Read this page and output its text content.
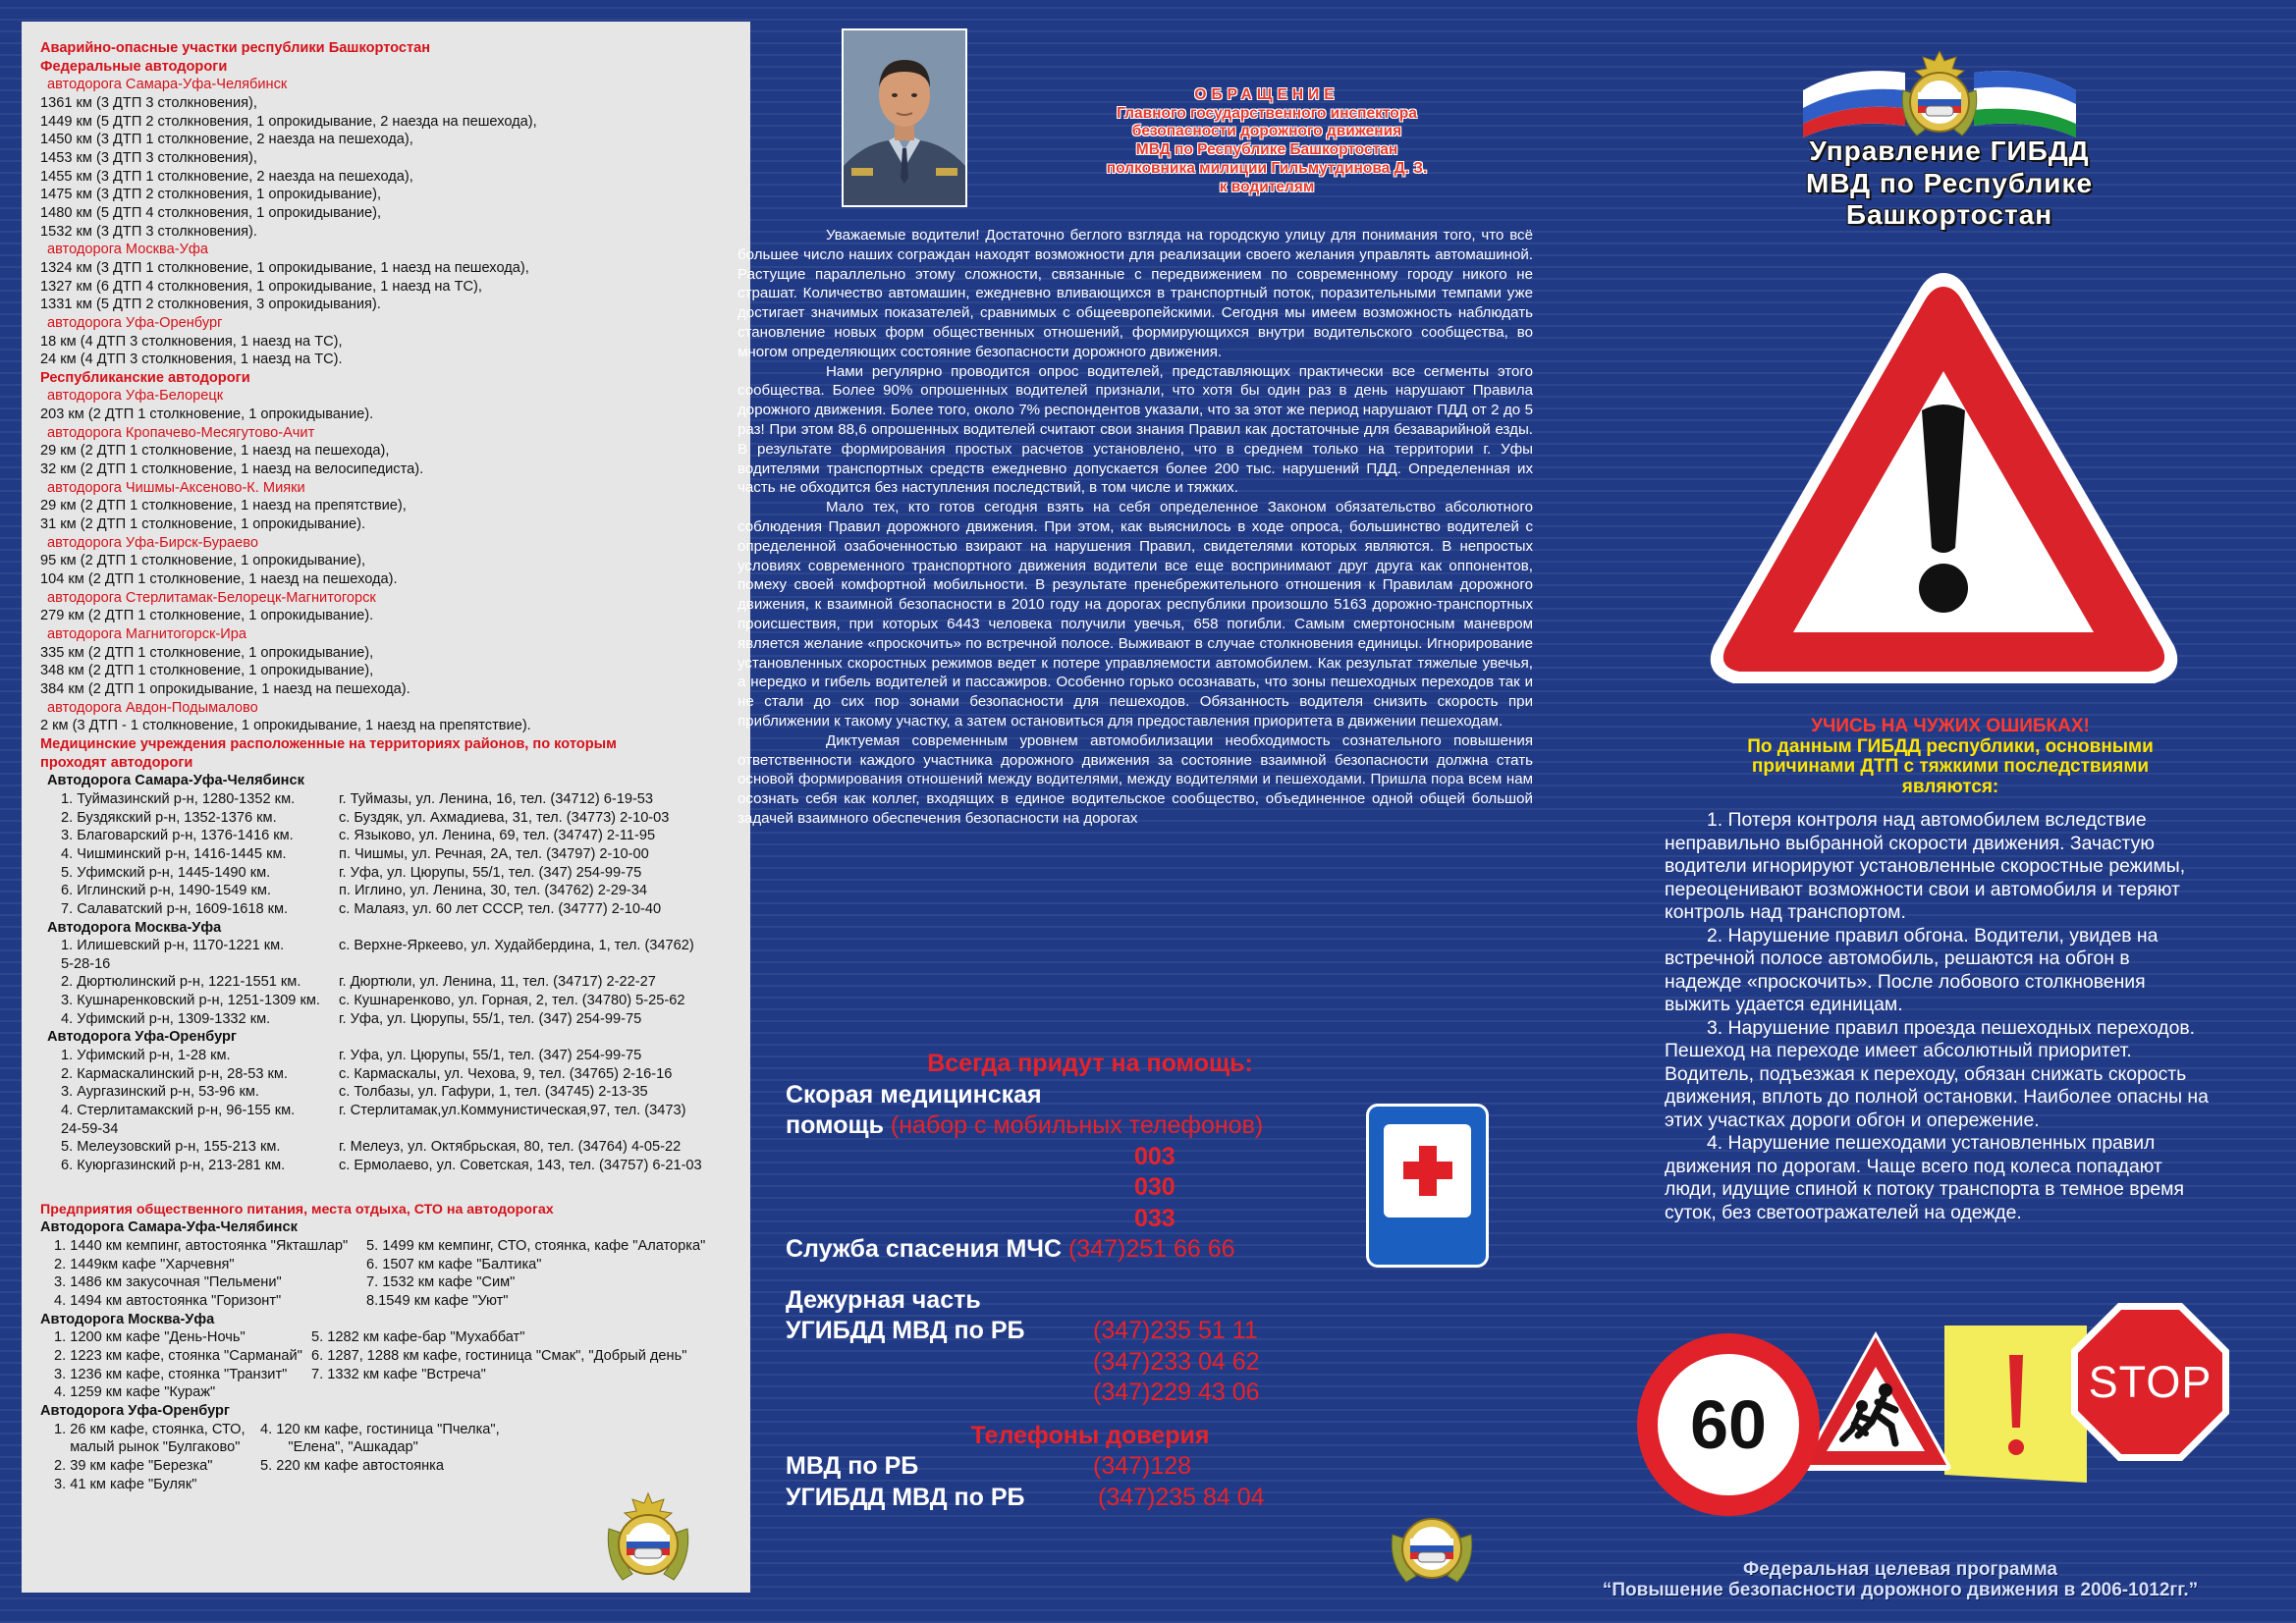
Аварийно-опасные участки республики Башкортостан
Федеральные автодороги
автодорога Самара-Уфа-Челябинск
1361 км (3 ДТП 3 столкновения),
1449 км (5 ДТП 2 столкновения, 1 опрокидывание, 2 наезда на пешехода),
1450 км (3 ДТП 1 столкновение, 2 наезда на пешехода),
1453 км (3 ДТП 3 столкновения),
1455 км (3 ДТП 1 столкновение, 2 наезда на пешехода),
1475 км (3 ДТП 2 столкновения, 1 опрокидывание),
1480 км (5 ДТП 4 столкновения, 1 опрокидывание),
1532 км (3 ДТП 3 столкновения).
автодорога Москва-Уфа
1324 км (3 ДТП 1 столкновение, 1 опрокидывание, 1 наезд на пешехода),
1327 км (6 ДТП 4 столкновения, 1 опрокидывание, 1 наезд на ТС),
1331 км (5 ДТП 2 столкновения, 3 опрокидывания).
автодорога Уфа-Оренбург
18 км (4 ДТП 3 столкновения, 1 наезд на ТС),
24 км (4 ДТП 3 столкновения, 1 наезд на ТС).
Республиканские автодороги
автодорога Уфа-Белорецк
203 км (2 ДТП 1 столкновение, 1 опрокидывание).
автодорога Кропачево-Месягутово-Ачит
29 км (2 ДТП 1 столкновение, 1 наезд на пешехода),
32 км (2 ДТП 1 столкновение, 1 наезд на велосипедиста).
автодорога Чишмы-Аксеново-К. Мияки
29 км (2 ДТП 1 столкновение, 1 наезд на препятствие),
31 км (2 ДТП 1 столкновение, 1 опрокидывание).
автодорога Уфа-Бирск-Бураево
95 км (2 ДТП 1 столкновение, 1 опрокидывание),
104 км (2 ДТП 1 столкновение, 1 наезд на пешехода).
автодорога Стерлитамак-Белорецк-Магнитогорск
279 км (2 ДТП 1 столкновение, 1 опрокидывание).
автодорога Магнитогорск-Ира
335 км (2 ДТП 1 столкновение, 1 опрокидывание),
348 км (2 ДТП 1 столкновение, 1 опрокидывание),
384 км (2 ДТП 1 опрокидывание, 1 наезд на пешехода).
автодорога Авдон-Подымалово
2 км (3 ДТП - 1 столкновение, 1 опрокидывание, 1 наезд на препятствие).
Медицинские учреждения расположенные на территориях районов, по которым
проходят автодороги
Автодорога Самара-Уфа-Челябинск
1. Туймазинский р-н, 1280-1352 км.	г. Туймазы, ул. Ленина, 16, тел. (34712) 6-19-53
2. Буздякский р-н, 1352-1376 км.	с. Буздяк, ул. Ахмадиева, 31, тел. (34773) 2-10-03
3. Благоварский р-н, 1376-1416 км.	с. Языково, ул. Ленина, 69, тел. (34747) 2-11-95
4. Чишминский р-н, 1416-1445 км.	п. Чишмы, ул. Речная, 2А, тел. (34797) 2-10-00
5. Уфимский р-н, 1445-1490 км.	г. Уфа, ул. Цюрупы, 55/1, тел. (347) 254-99-75
6. Иглинский р-н, 1490-1549 км.	п. Иглино, ул. Ленина, 30, тел. (34762) 2-29-34
7. Салаватский р-н, 1609-1618 км.	с. Малаяз, ул. 60 лет СССР, тел. (34777) 2-10-40
Автодорога Москва-Уфа
1. Илишевский р-н, 1170-1221 км.	с. Верхне-Яркеево, ул. Худайбердина, 1, тел. (34762)
5-28-16
2. Дюртюлинский р-н, 1221-1551 км.	г. Дюртюли, ул. Ленина, 11, тел. (34717) 2-22-27
3. Кушнаренковский р-н, 1251-1309 км.	с. Кушнаренково, ул. Горная, 2, тел. (34780) 5-25-62
4. Уфимский р-н, 1309-1332 км.	г. Уфа, ул. Цюрупы, 55/1, тел. (347) 254-99-75
Автодорога Уфа-Оренбург
1. Уфимский р-н, 1-28 км.	г. Уфа, ул. Цюрупы, 55/1, тел. (347) 254-99-75
2. Кармаскалинский р-н, 28-53 км.	с. Кармаскалы, ул. Чехова, 9, тел. (34765) 2-16-16
3. Аургазинский р-н, 53-96 км.	с. Толбазы, ул. Гафури, 1, тел. (34745) 2-13-35
4. Стерлитамакский р-н, 96-155 км.	г. Стерлитамак,ул.Коммунистическая,97, тел. (3473)
24-59-34
5. Мелеузовский р-н, 155-213 км.	г. Мелеуз, ул. Октябрьская, 80, тел. (34764) 4-05-22
6. Куюргазинский р-н, 213-281 км.	с. Ермолаево, ул. Советская, 143, тел. (34757) 6-21-03
Предприятия общественного питания, места отдыха, СТО на автодорогах
Автодорога Самара-Уфа-Челябинск
1. 1440 км кемпинг, автостоянка "Якташлар"	5. 1499 км кемпинг, СТО, стоянка, кафе "Алаторка"
2. 1449км кафе "Харчевня"	6. 1507 км кафе "Балтика"
3. 1486 км закусочная "Пельмени"	7. 1532 км кафе "Сим"
4. 1494 км автостоянка "Горизонт"	8.1549 км кафе "Уют"
Автодорога Москва-Уфа
1. 1200 км кафе "День-Ночь"	5. 1282 км кафе-бар "Мухаббат"
2. 1223 км кафе, стоянка "Сарманай" 6. 1287, 1288 км кафе, гостиница "Смак", "Добрый день"
3. 1236 км кафе, стоянка "Транзит"	7. 1332 км кафе "Встреча"
4. 1259 км кафе "Кураж"
Автодорога Уфа-Оренбург
1. 26 км кафе, стоянка, СТО,	4. 120 км кафе, гостиница "Пчелка",
малый рынок "Булгаково"	"Елена", "Ашкадар"
2. 39 км кафе "Березка"	5. 220 км кафе автостоянка
3. 41 км кафе "Буляк"
ОБРАЩЕНИЕ
Главного государственного инспектора
безопасности дорожного движения
МВД по Республике Башкортостан
полковника милиции Гильмутдинова Д. З.
к водителям

Уважаемые водители! Достаточно беглого взгляда на городскую улицу для понимания того, что всё большее число наших сограждан находят возможности для реализации своего желания управлять автомашиной. Растущие параллельно этому сложности, связанные с передвижением по современному городу никого не страшат. Количество автомашин, ежедневно вливающихся в транспортный поток, поразительными темпами уже достигает значимых показателей, сравнимых с общеевропейскими. Сегодня мы имеем возможность наблюдать становление новых форм общественных отношений, формирующихся внутри водительского сообщества, во многом определяющих состояние безопасности дорожного движения.

Нами регулярно проводится опрос водителей, представляющих практически все сегменты этого сообщества. Более 90% опрошенных водителей признали, что хотя бы один раз в день нарушают Правила дорожного движения. Более того, около 7% респондентов указали, что за этот же период нарушают ПДД от 2 до 5 раз! При этом 88,6 опрошенных водителей считают свои знания Правил как достаточные для безаварийной езды. В результате формирования простых расчетов установлено, что в среднем только на территории г. Уфы водителями транспортных средств ежедневно допускается более 200 тыс. нарушений ПДД. Определенная их часть не обходится без наступления последствий, в том числе и тяжких.

Мало тех, кто готов сегодня взять на себя определенное Законом обязательство абсолютного соблюдения Правил дорожного движения. При этом, как выяснилось в ходе опроса, большинство водителей с определенной озабоченностью взирают на нарушения Правил, свидетелями которых являются. В непростых условиях современного транспортного движения водители все еще воспринимают друг друга как оппонентов, помеху своей комфортной мобильности. В результате пренебрежительного отношения к Правилам дорожного движения, к взаимной безопасности в 2010 году на дорогах республики произошло 5163 дорожно-транспортных происшествия, при которых 6443 человека получили увечья, 658 погибли. Самым смертоносным маневром является желание «проскочить» по встречной полосе. Выживают в случае столкновения единицы. Игнорирование установленных скоростных режимов ведет к потере управляемости автомобилем. Как результат тяжелые увечья, а нередко и гибель водителей и пассажиров. Особенно горько осознавать, что зоны пешеходных переходов так и не стали до сих пор зонами безопасности для пешеходов. Обязанность водителя снизить скорость при приближении к такому участку, а затем остановиться для предоставления приоритета в движении пешеходам.

Диктуемая современным уровнем автомобилизации необходимость сознательного повышения ответственности каждого участника дорожного движения за состояние взаимной безопасности должна стать основой формирования отношений между водителями, между водителями и пешеходами. Пришла пора всем нам осознать себя как коллег, входящих в единое водительское сообщество, объединенное одной общей большой задачей взаимного обеспечения безопасности на дорогах

Всегда придут на помощь:
Скорая медицинская
помощь (набор с мобильных телефонов)
003
030
033
Служба спасения МЧС (347)251 66 66
Дежурная часть
УГИБДД МВД по РБ	(347)235 51 11
(347)233 04 62
(347)229 43 06
Телефоны доверия
МВД по РБ	(347)128
УГИБДД МВД по РБ	(347)235 84 04
Управление ГИБДД
МВД по Республике
Башкортостан
УЧИСЬ НА ЧУЖИХ ОШИБКАХ!
По данным ГИБДД республики, основными
причинами ДТП с тяжкими последствиями
являются:

1. Потеря контроля над автомобилем вследствие неправильно выбранной скорости движения. Зачастую водители игнорируют установленные скоростные режимы, переоценивают возможности свои и автомобиля и теряют контроль над транспортом.

2. Нарушение правил обгона. Водители, увидев на встречной полосе автомобиль, решаются на обгон в надежде «проскочить». После лобового столкновения выжить удается единицам.

3. Нарушение правил проезда пешеходных переходов. Пешеход на переходе имеет абсолютный приоритет. Водитель, подъезжая к переходу, обязан снижать скорость движения, вплоть до полной остановки. Наиболее опасны на этих участках дороги обгон и опережение.

4. Нарушение пешеходами установленных правил движения по дорогам. Чаще всего под колеса попадают люди, идущие спиной к потоку транспорта в темное время суток, без светоотражателей на одежде.

60
STOP
Федеральная целевая программа
“Повышение безопасности дорожного движения в 2006-1012гг.”
